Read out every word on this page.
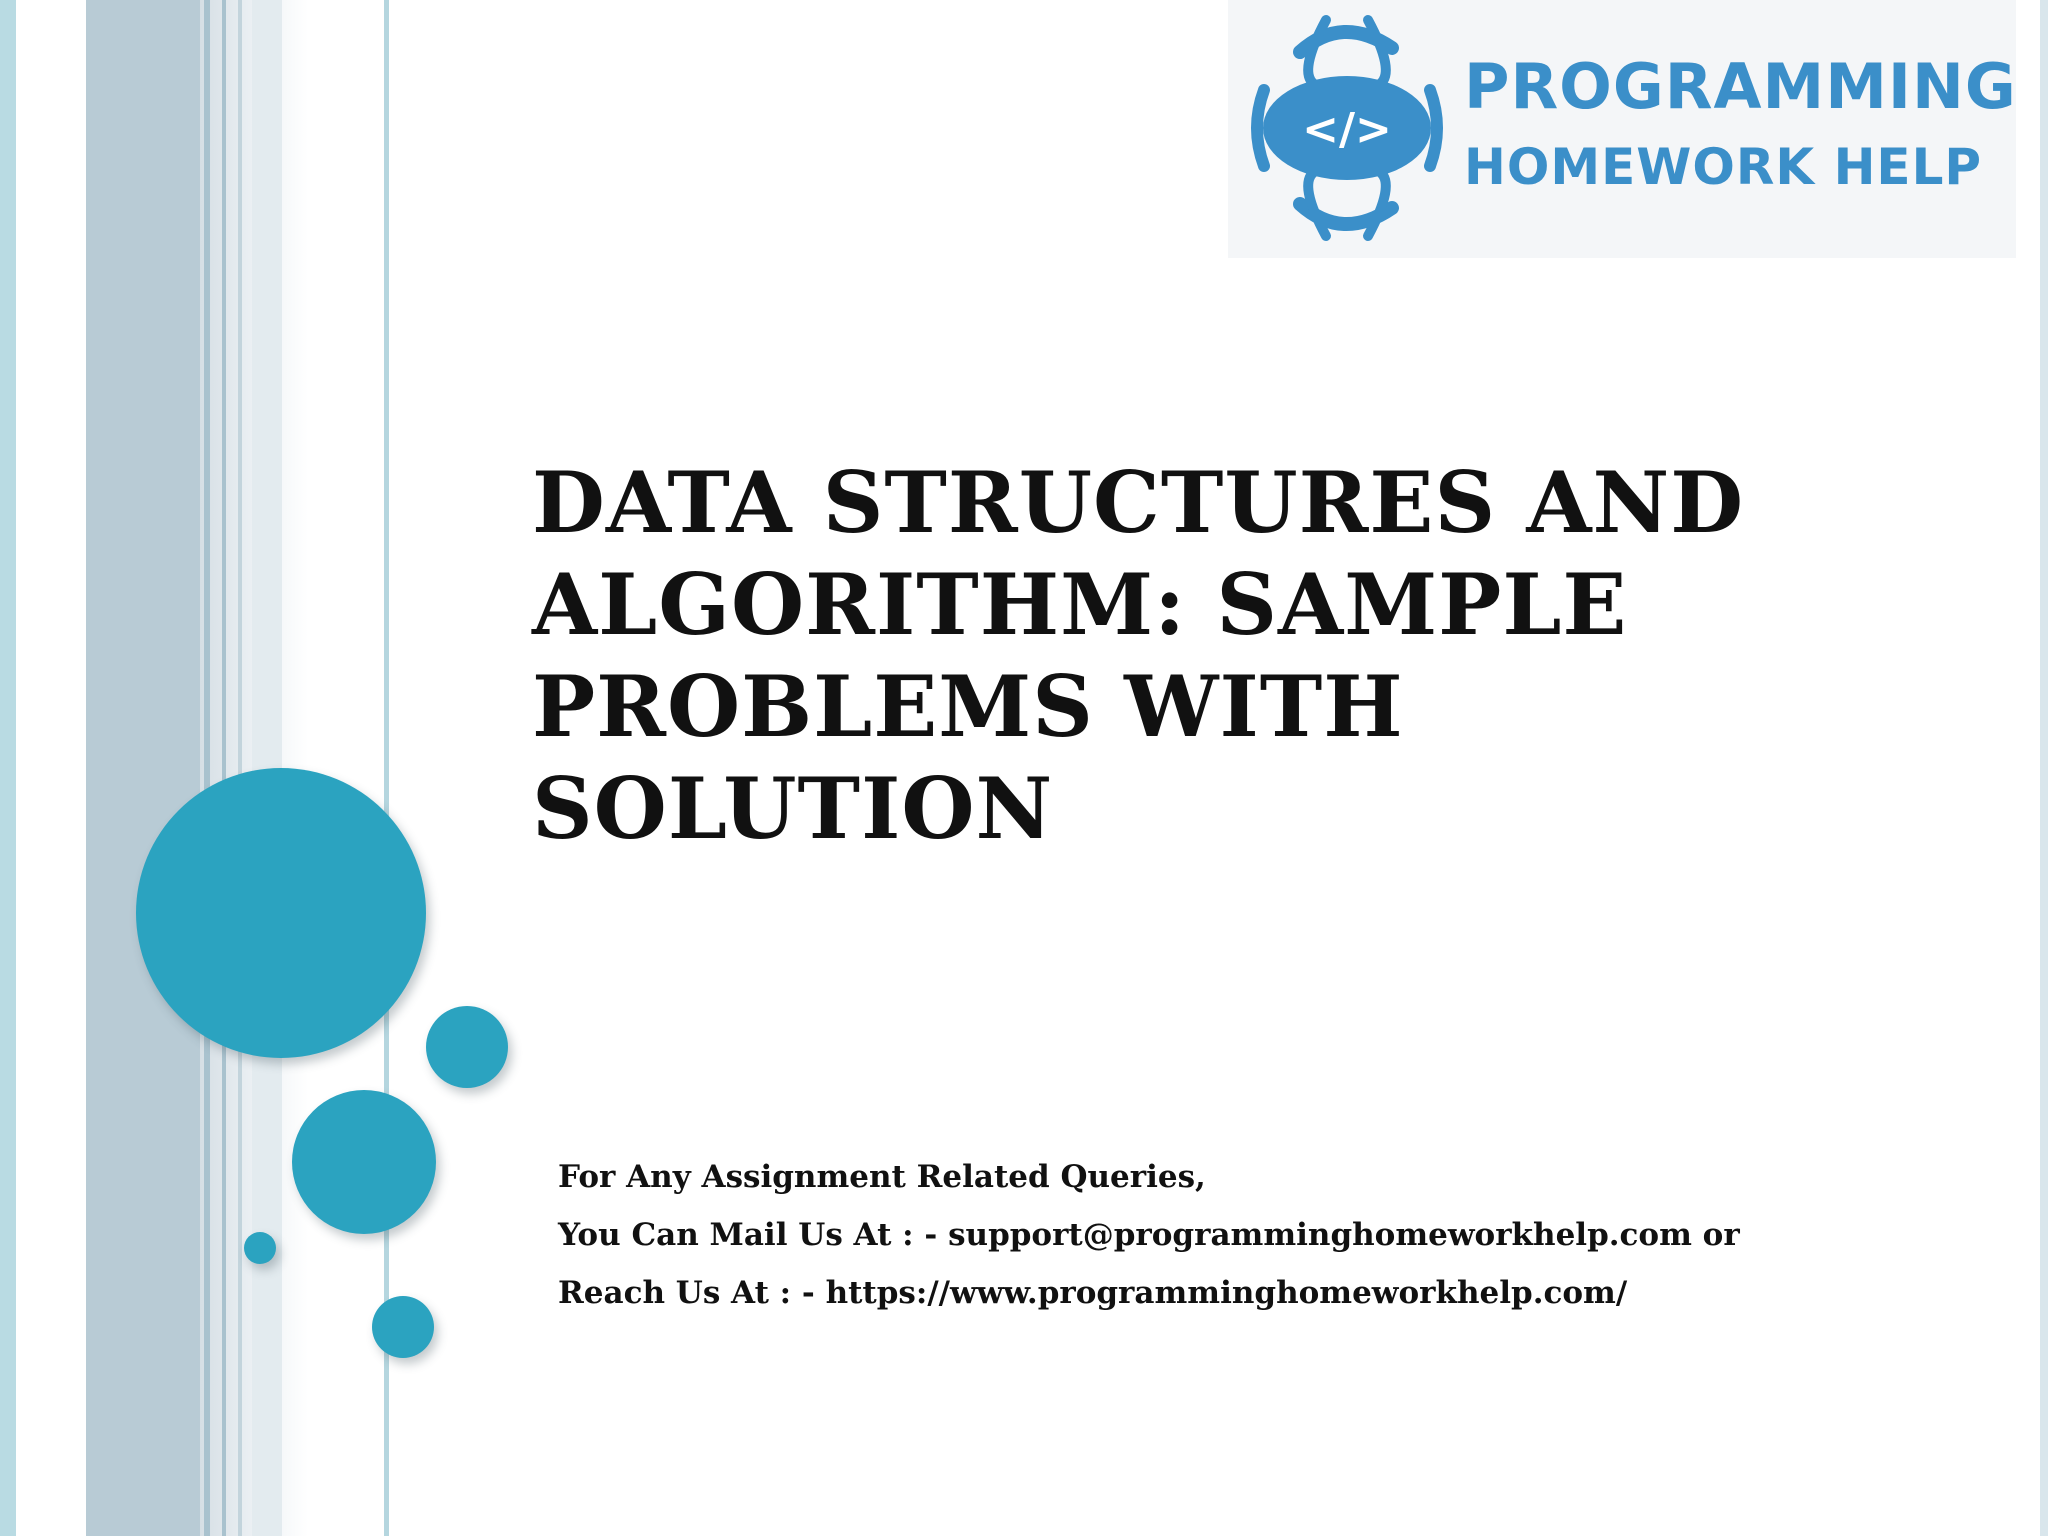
</>
PROGRAMMING
HOMEWORK HELP
DATA STRUCTURES AND
ALGORITHM: SAMPLE
PROBLEMS WITH
SOLUTION
For Any Assignment Related Queries,
You Can Mail Us At : - support@programminghomeworkhelp.com or
Reach Us At : - https://www.programminghomeworkhelp.com/
